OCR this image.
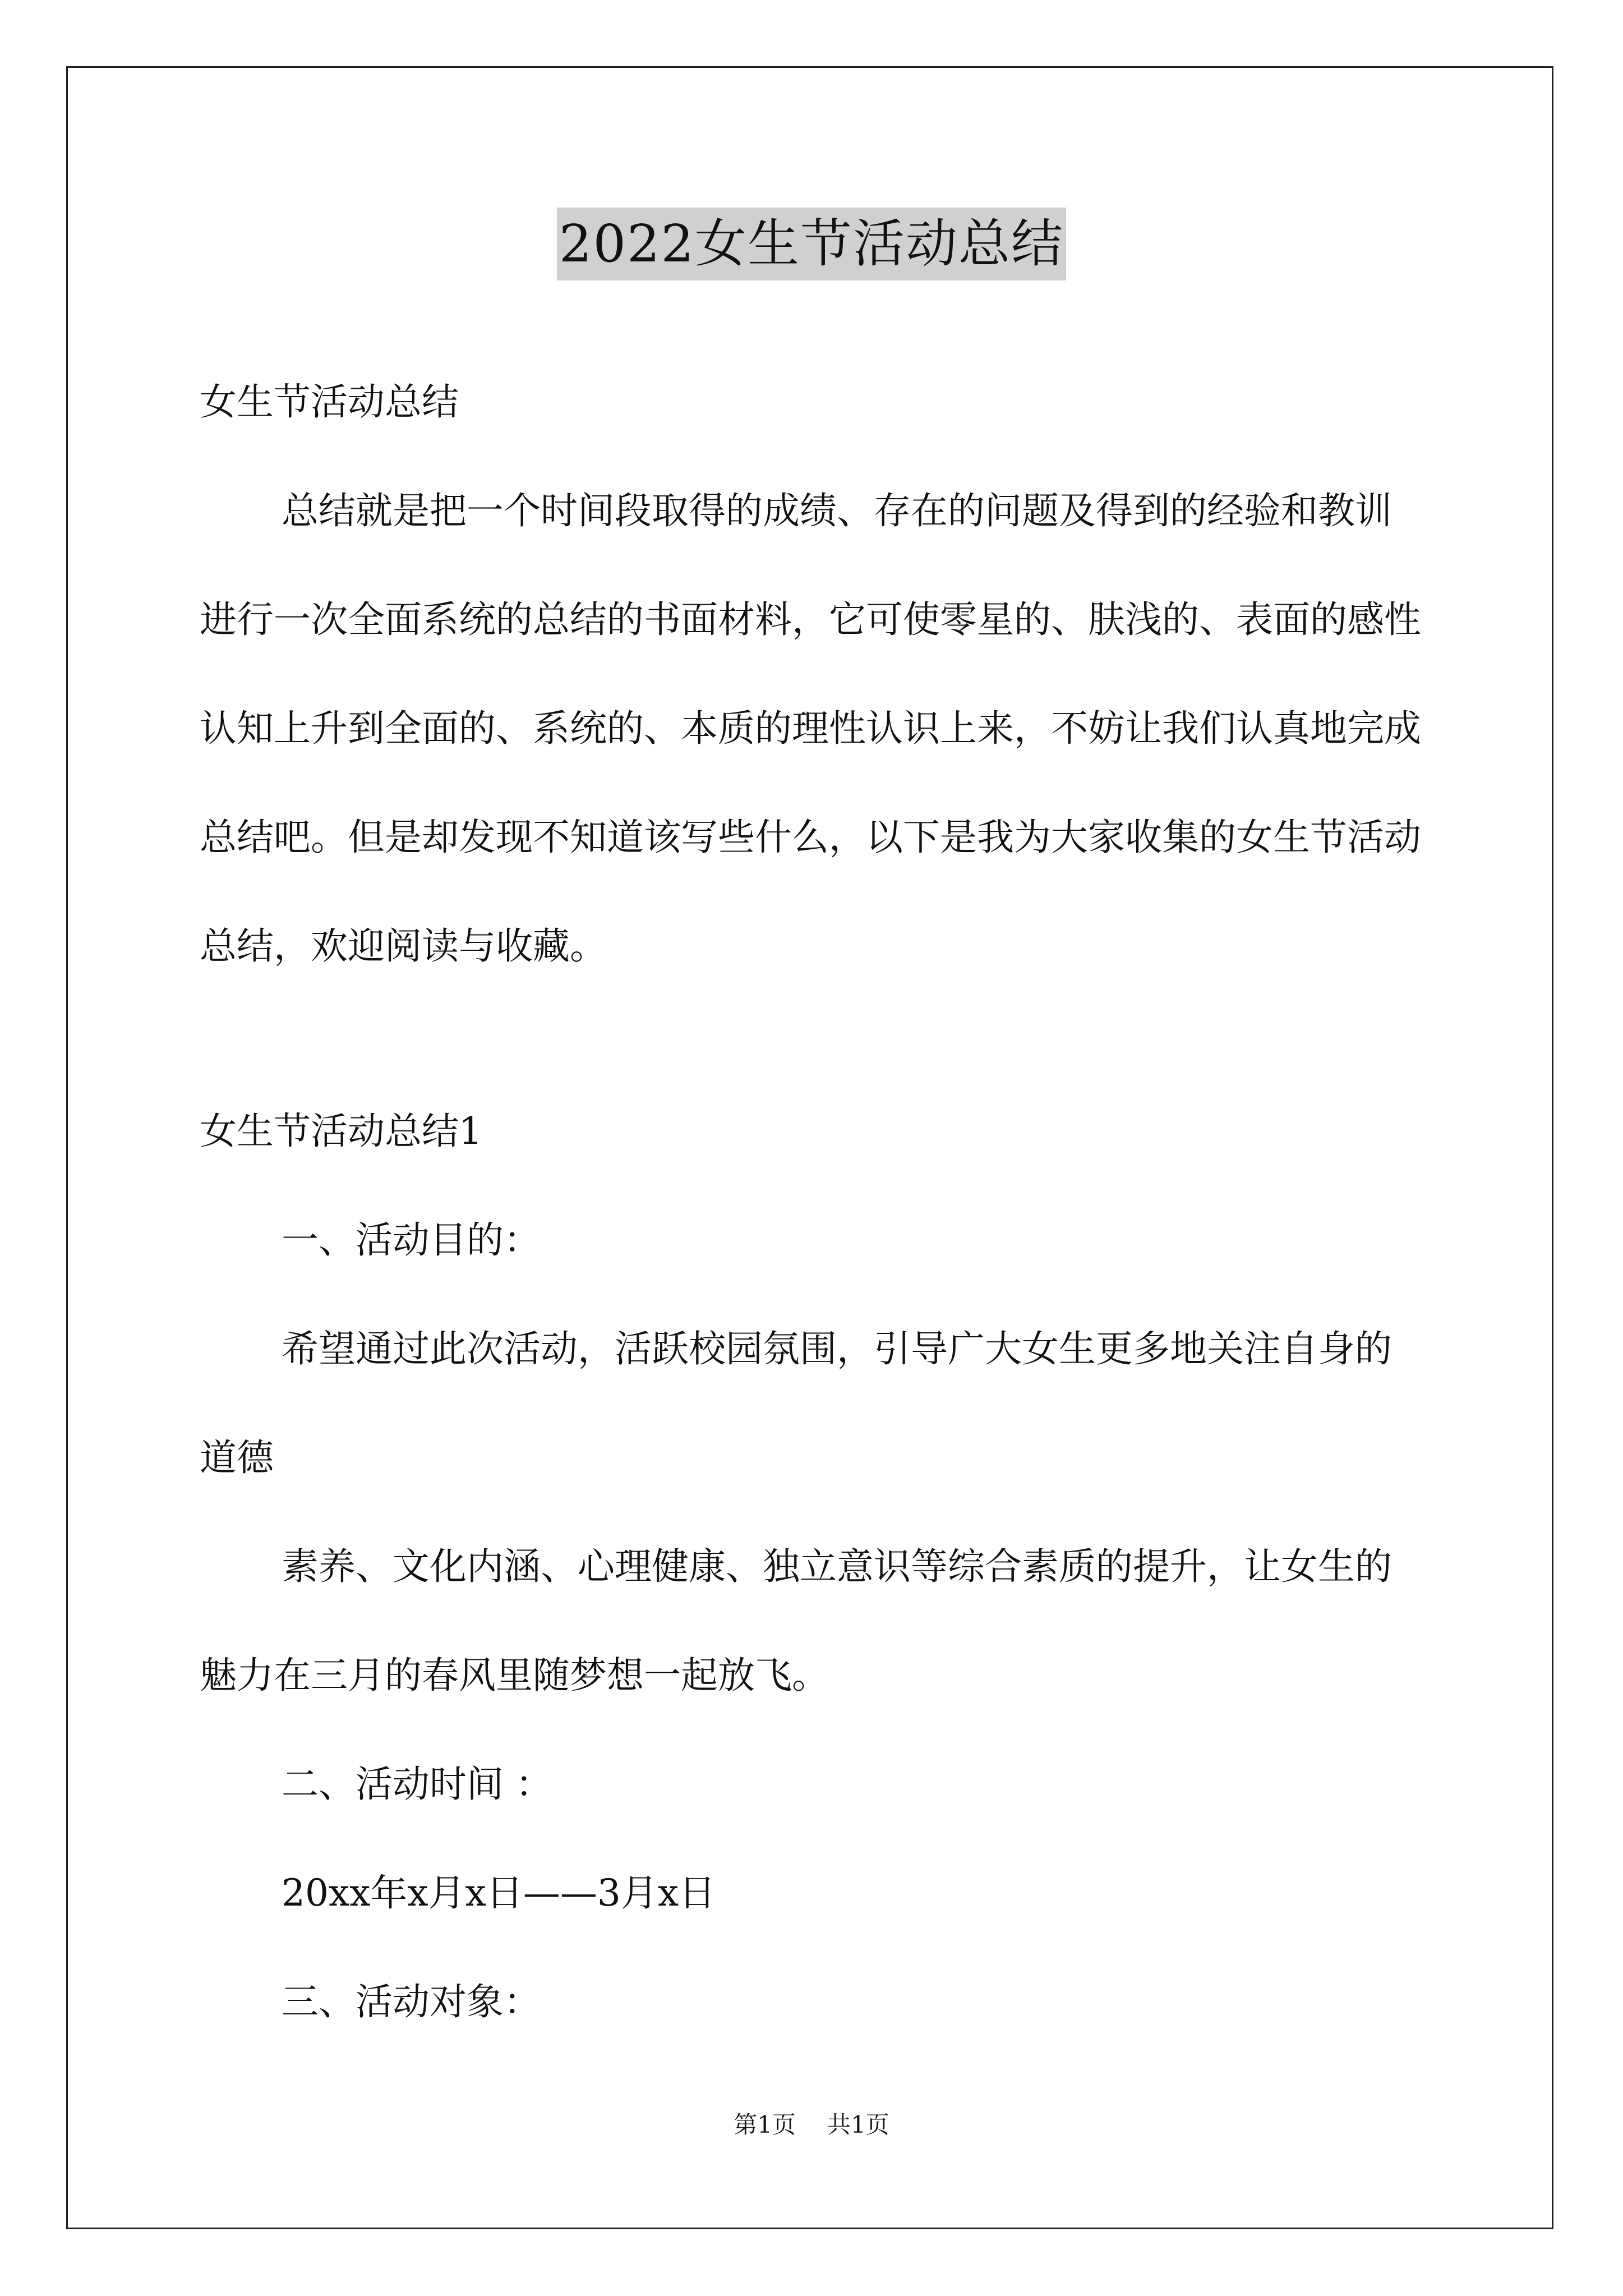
2022女生节活动总结

女生节活动总结

总结就是把一个时间段取得的成绩、存在的问题及得到的经验和教训进行一次全面系统的总结的书面材料，它可使零星的、肤浅的、表面的感性认知上升到全面的、系统的、本质的理性认识上来，不妨让我们认真地完成总结吧。但是却发现不知道该写些什么，以下是我为大家收集的女生节活动总结，欢迎阅读与收藏。

女生节活动总结1

一、活动目的：

希望通过此次活动，活跃校园氛围，引导广大女生更多地关注自身的道德

素养、文化内涵、心理健康、独立意识等综合素质的提升，让女生的魅力在三月的春风里随梦想一起放飞。

二、活动时间 ：

20xx年x月x日——3月x日

三、活动对象：

第1页 共1页
